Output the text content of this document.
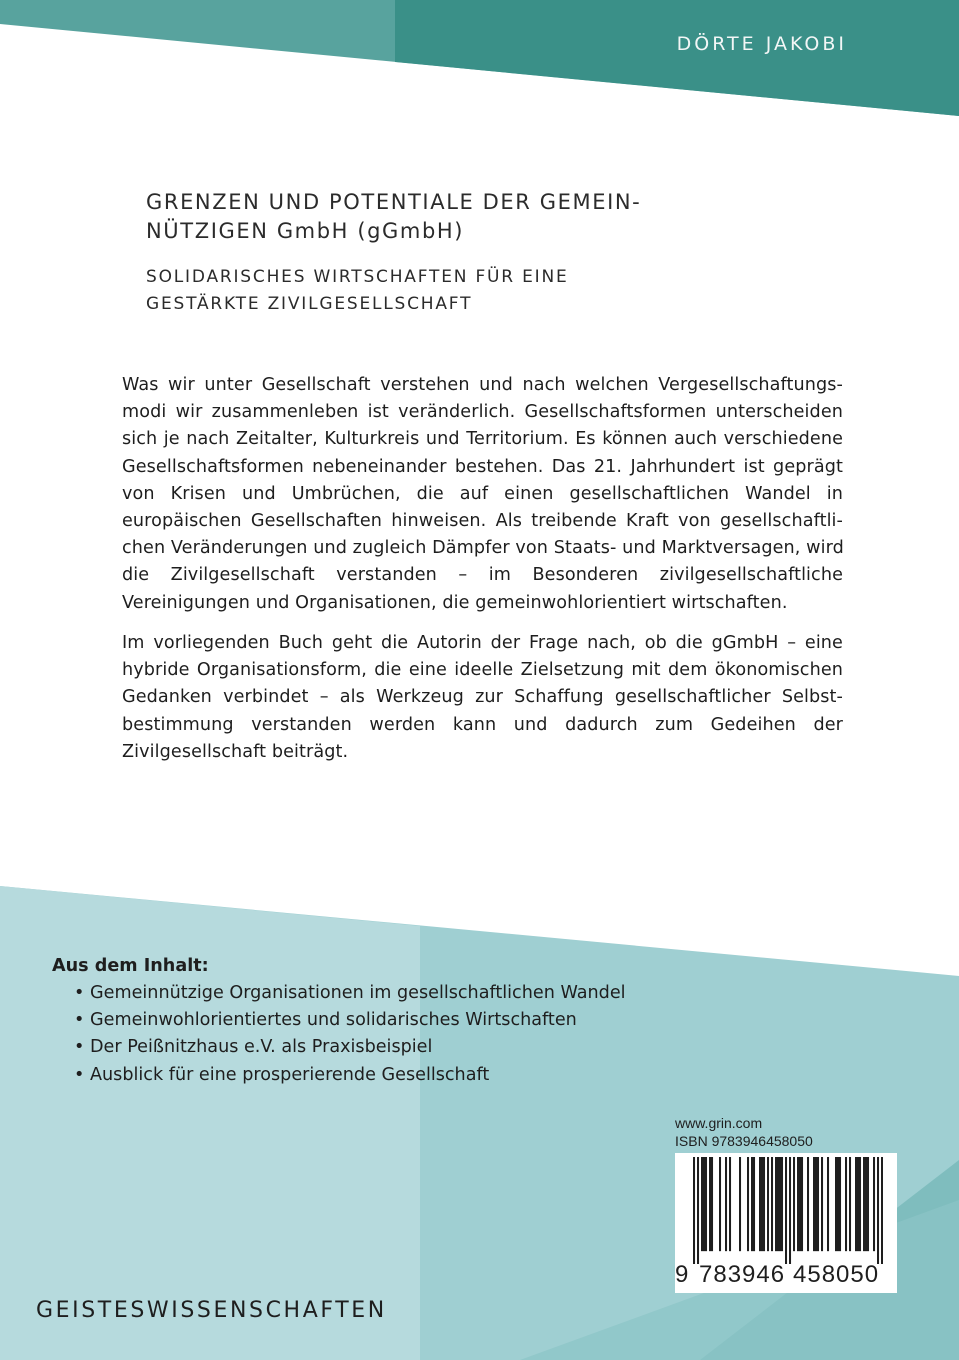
DÖRTE JAKOBI
GRENZEN UND POTENTIALE DER GEMEIN-
NÜTZIGEN GmbH (gGmbH)
SOLIDARISCHES WIRTSCHAFTEN FÜR EINE
GESTÄRKTE ZIVILGESELLSCHAFT
Was wir unter Gesellschaft verstehen und nach welchen Vergesellschaftungs-
modi wir zusammenleben ist veränderlich. Gesellschaftsformen unterscheiden
sich je nach Zeitalter, Kulturkreis und Territorium. Es können auch verschiedene
Gesellschaftsformen nebeneinander bestehen. Das 21. Jahrhundert ist geprägt
von Krisen und Umbrüchen, die auf einen gesellschaftlichen Wandel in
europäischen Gesellschaften hinweisen. Als treibende Kraft von gesellschaftli-
chen Veränderungen und zugleich Dämpfer von Staats- und Marktversagen, wird
die Zivilgesellschaft verstanden – im Besonderen zivilgesellschaftliche
Vereinigungen und Organisationen, die gemeinwohlorientiert wirtschaften.
Im vorliegenden Buch geht die Autorin der Frage nach, ob die gGmbH – eine
hybride Organisationsform, die eine ideelle Zielsetzung mit dem ökonomischen
Gedanken verbindet – als Werkzeug zur Schaffung gesellschaftlicher Selbst-
bestimmung verstanden werden kann und dadurch zum Gedeihen der
Zivilgesellschaft beiträgt.
Aus dem Inhalt:
• Gemeinnützige Organisationen im gesellschaftlichen Wandel
• Gemeinwohlorientiertes und solidarisches Wirtschaften
• Der Peißnitzhaus e.V. als Praxisbeispiel
• Ausblick für eine prosperierende Gesellschaft
www.grin.com
ISBN 9783946458050
9 783946 458050
GEISTESWISSENSCHAFTEN
